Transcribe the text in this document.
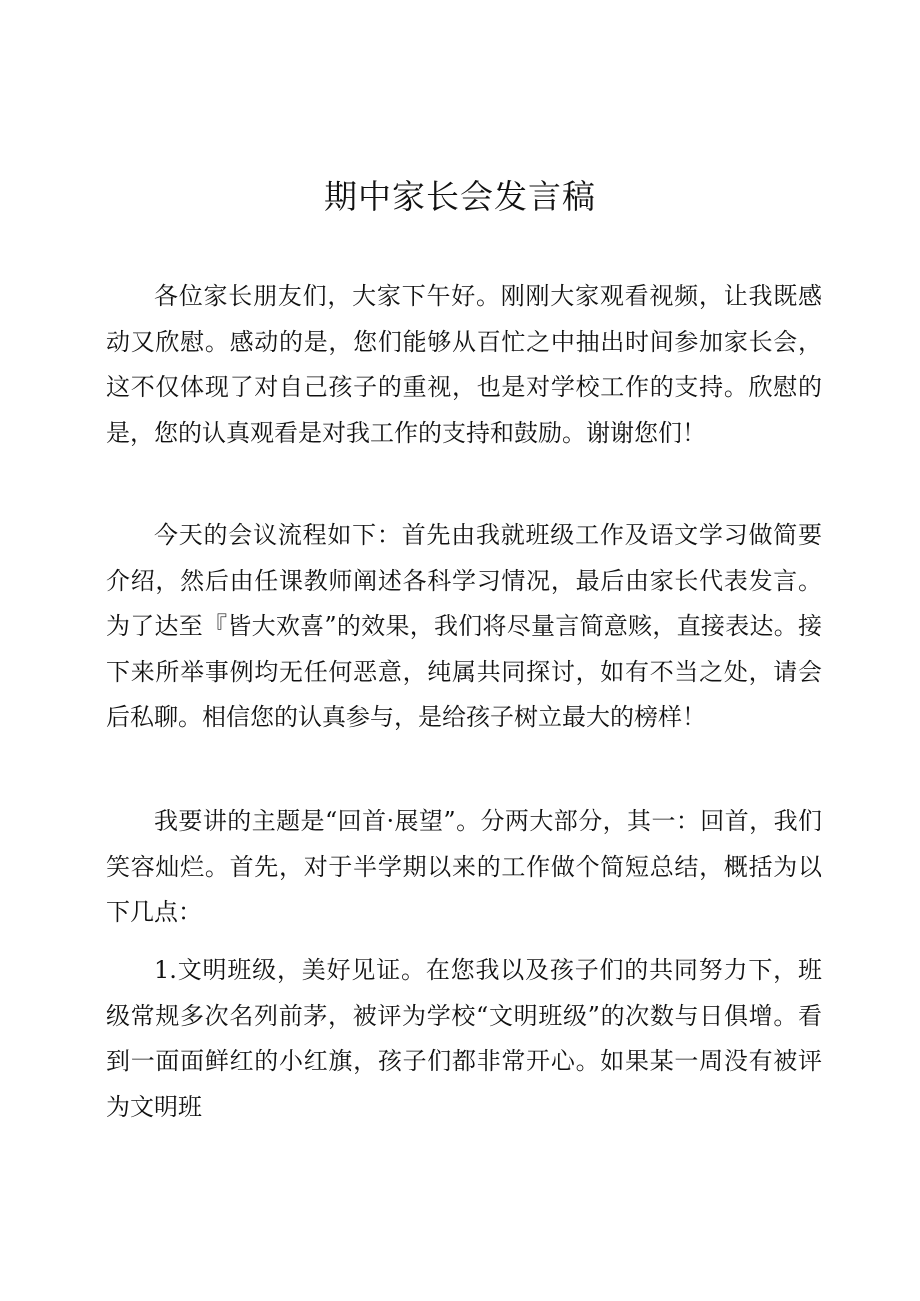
期中家长会发言稿

各位家长朋友们，大家下午好。刚刚大家观看视频，让我既感动又欣慰。感动的是，您们能够从百忙之中抽出时间参加家长会，这不仅体现了对自己孩子的重视，也是对学校工作的支持。欣慰的是，您的认真观看是对我工作的支持和鼓励。谢谢您们！

今天的会议流程如下：首先由我就班级工作及语文学习做简要介绍，然后由任课教师阐述各科学习情况，最后由家长代表发言。为了达至『皆大欢喜”的效果，我们将尽量言简意赅，直接表达。接下来所举事例均无任何恶意，纯属共同探讨，如有不当之处，请会后私聊。相信您的认真参与，是给孩子树立最大的榜样！

我要讲的主题是“回首·展望”。分两大部分，其一：回首，我们笑容灿烂。首先，对于半学期以来的工作做个简短总结，概括为以下几点：

1.文明班级，美好见证。在您我以及孩子们的共同努力下，班级常规多次名列前茅，被评为学校“文明班级”的次数与日俱增。看到一面面鲜红的小红旗，孩子们都非常开心。如果某一周没有被评为文明班
